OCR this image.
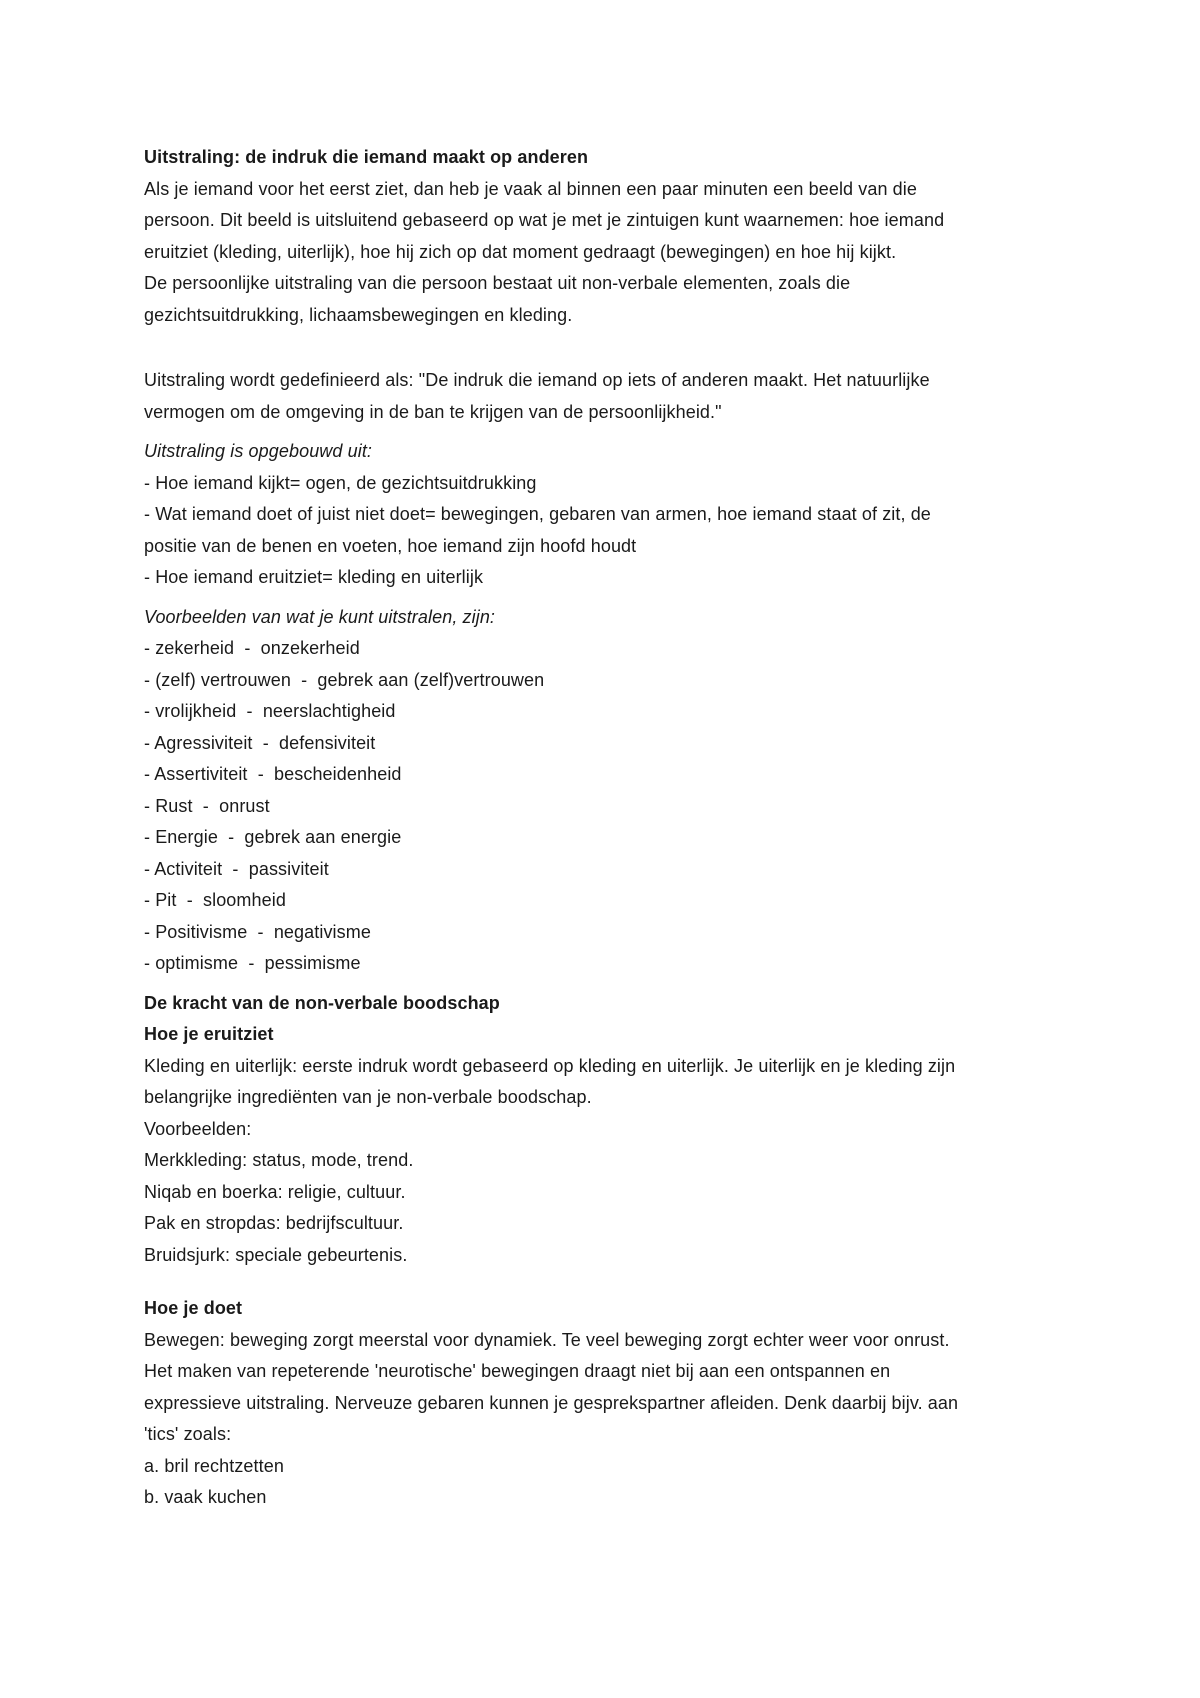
Uitstraling: de indruk die iemand maakt op anderen
Als je iemand voor het eerst ziet, dan heb je vaak al binnen een paar minuten een beeld van die
persoon. Dit beeld is uitsluitend gebaseerd op wat je met je zintuigen kunt waarnemen: hoe iemand
eruitziet (kleding, uiterlijk), hoe hij zich op dat moment gedraagt (bewegingen) en hoe hij kijkt.
De persoonlijke uitstraling van die persoon bestaat uit non-verbale elementen, zoals die
gezichtsuitdrukking, lichaamsbewegingen en kleding.
Uitstraling wordt gedefinieerd als: "De indruk die iemand op iets of anderen maakt. Het natuurlijke
vermogen om de omgeving in de ban te krijgen van de persoonlijkheid."
Uitstraling is opgebouwd uit:
- Hoe iemand kijkt= ogen, de gezichtsuitdrukking
- Wat iemand doet of juist niet doet= bewegingen, gebaren van armen, hoe iemand staat of zit, de
positie van de benen en voeten, hoe iemand zijn hoofd houdt
- Hoe iemand eruitziet= kleding en uiterlijk
Voorbeelden van wat je kunt uitstralen, zijn:
- zekerheid  -  onzekerheid
- (zelf) vertrouwen  -  gebrek aan (zelf)vertrouwen
- vrolijkheid  -  neerslachtigheid
- Agressiviteit  -  defensiviteit
- Assertiviteit  -  bescheidenheid
- Rust  -  onrust
- Energie  -  gebrek aan energie
- Activiteit  -  passiviteit
- Pit  -  sloomheid
- Positivisme  -  negativisme
- optimisme  -  pessimisme
De kracht van de non-verbale boodschap
Hoe je eruitziet
Kleding en uiterlijk: eerste indruk wordt gebaseerd op kleding en uiterlijk. Je uiterlijk en je kleding zijn
belangrijke ingrediënten van je non-verbale boodschap.
Voorbeelden:
Merkkleding: status, mode, trend.
Niqab en boerka: religie, cultuur.
Pak en stropdas: bedrijfscultuur.
Bruidsjurk: speciale gebeurtenis.
Hoe je doet
Bewegen: beweging zorgt meerstal voor dynamiek. Te veel beweging zorgt echter weer voor onrust.
Het maken van repeterende 'neurotische' bewegingen draagt niet bij aan een ontspannen en
expressieve uitstraling. Nerveuze gebaren kunnen je gesprekspartner afleiden. Denk daarbij bijv. aan
'tics' zoals:
a. bril rechtzetten
b. vaak kuchen
